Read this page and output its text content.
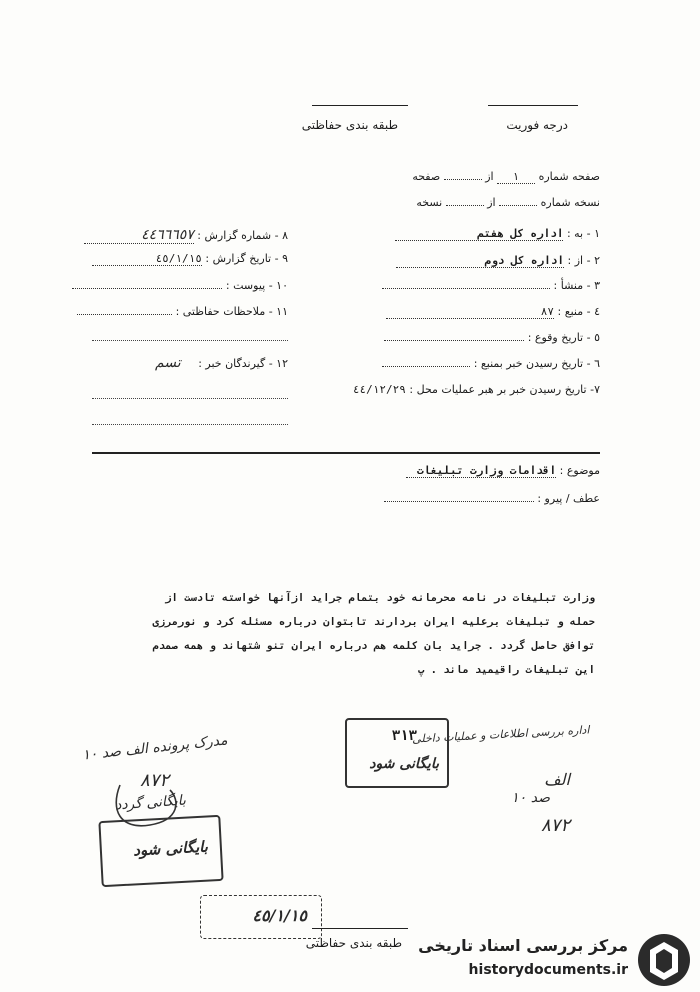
درجه فوریت
طبقه بندی حفاظتی
صفحه شماره ١ از  صفحه
نسخه شماره  از  نسخه
١ - به : اداره کل هفتم
٢ - از : اداره کل دوم
٣ - منشأ :
٤ - منبع : ٨٧
٥ - تاریخ وقوع :
٦ - تاریخ رسیدن خبر بمنبع :
٧- تاریخ رسیدن خبر بر هبر عملیات محل : ٤٤/١٢/٢٩
٨ - شماره گزارش : ٤٤٦٦٦٥٧
٩ - تاریخ گزارش : ٤٥/١/١٥
١٠ - پیوست :
١١ - ملاحظات حفاظتی :
١٢ - گیرندگان خبر : تسم
موضوع : اقدامات وزارت تبلیغات
عطف / پیرو :
وزارت تبلیغات در نامه محرمانه خود بتمام جراید ازآنها خواسته تادست از
حمله و تبلیغات برعلیه ایران بردارند تابتوان درباره مسئله کرد و نورمرزی
توافق حاصل گردد . جراید بان کلمه هم درباره ایران تنو شتهاند و همه صمدم
این تبلیغات راقیمید ماند . پ
اداره بررسی اطلاعات و عملیات داخلی
٣١٣
بایگانی شود
الف
صد ١٠
٨٧٢
مدرک پرونده الف صد ١٠
٨٧٢
بایگانی گردد
بایگانی شود
٤٥/١/١٥
طبقه بندی حفاظتی مرکز بررسی اسناد تاریخی
historydocuments.ir
